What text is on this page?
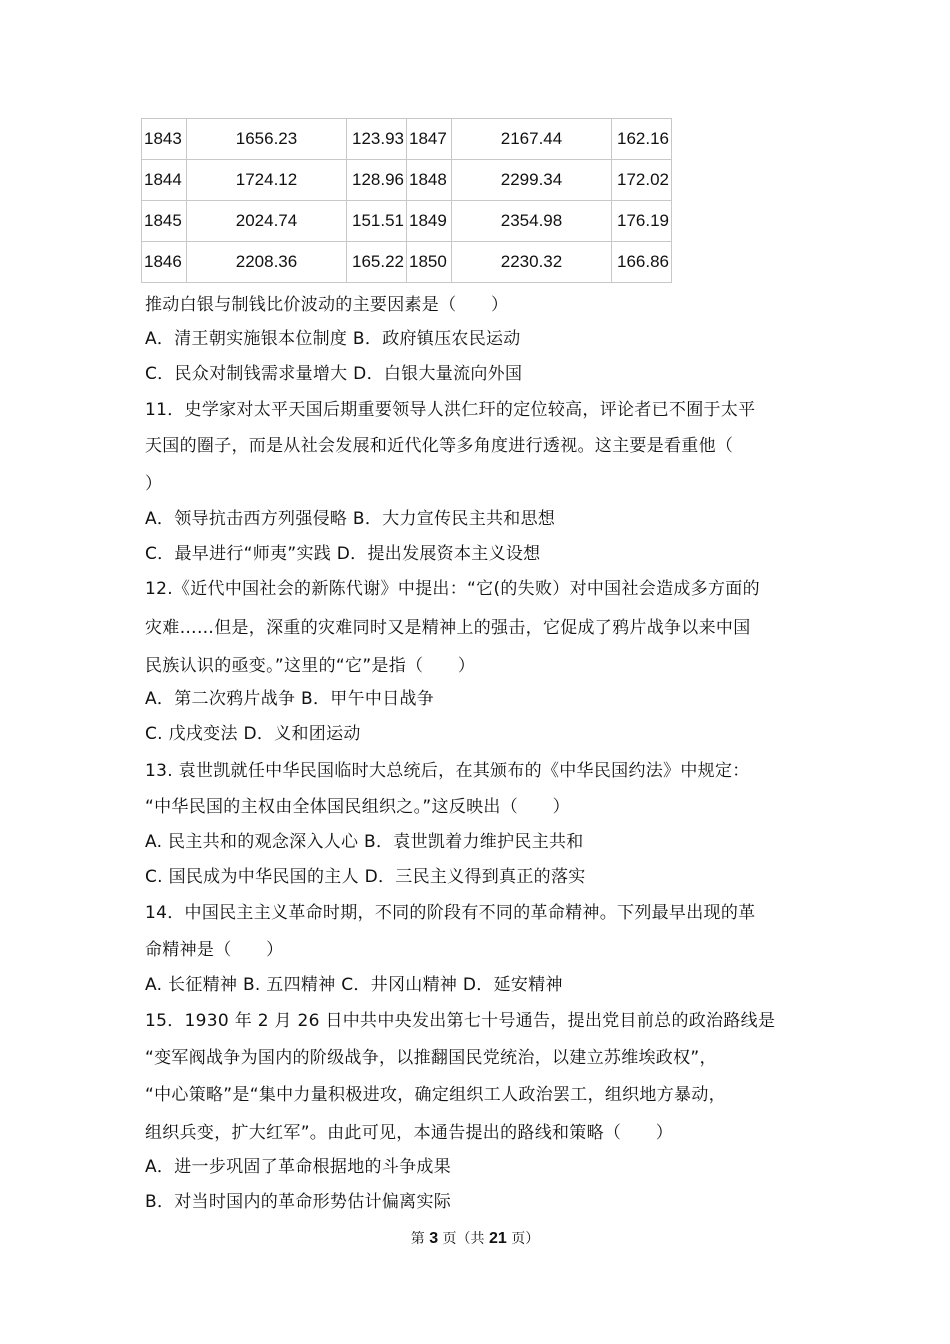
1843	1656.23	123.93	1847	2167.44	162.16
1844	1724.12	128.96	1848	2299.34	172.02
1845	2024.74	151.51	1849	2354.98	176.19
1846	2208.36	165.22	1850	2230.32	166.86
推动白银与制钱比价波动的主要因素是（　　）
A．清王朝实施银本位制度 B．政府镇压农民运动
C．民众对制钱需求量增大 D．白银大量流向外国
11．史学家对太平天国后期重要领导人洪仁玕的定位较高，评论者已不囿于太平
天国的圈子，而是从社会发展和近代化等多角度进行透视。这主要是看重他（
）
A．领导抗击西方列强侵略 B．大力宣传民主共和思想
C．最早进行“师夷”实践 D．提出发展资本主义设想
12.《近代中国社会的新陈代谢》中提出：“它(的失败）对中国社会造成多方面的
灾难……但是，深重的灾难同时又是精神上的强击，它促成了鸦片战争以来中国
民族认识的亟变。”这里的“它”是指（　　）
A．第二次鸦片战争 B．甲午中日战争
C. 戊戌变法 D．义和团运动
13. 袁世凯就任中华民国临时大总统后，在其颁布的《中华民国约法》中规定：
“中华民国的主权由全体国民组织之。”这反映出（　　）
A. 民主共和的观念深入人心 B．袁世凯着力维护民主共和
C. 国民成为中华民国的主人 D．三民主义得到真正的落实
14．中国民主主义革命时期，不同的阶段有不同的革命精神。下列最早出现的革
命精神是（　　）
A. 长征精神 B. 五四精神 C．井冈山精神 D．延安精神
15．1930 年 2 月 26 日中共中央发出第七十号通告，提出党目前总的政治路线是
“变军阀战争为国内的阶级战争，以推翻国民党统治，以建立苏维埃政权”，
“中心策略”是“集中力量积极进攻，确定组织工人政治罢工，组织地方暴动，
组织兵变，扩大红军”。由此可见，本通告提出的路线和策略（　　）
A．进一步巩固了革命根据地的斗争成果
B．对当时国内的革命形势估计偏离实际
第 3 页（共 21 页）
